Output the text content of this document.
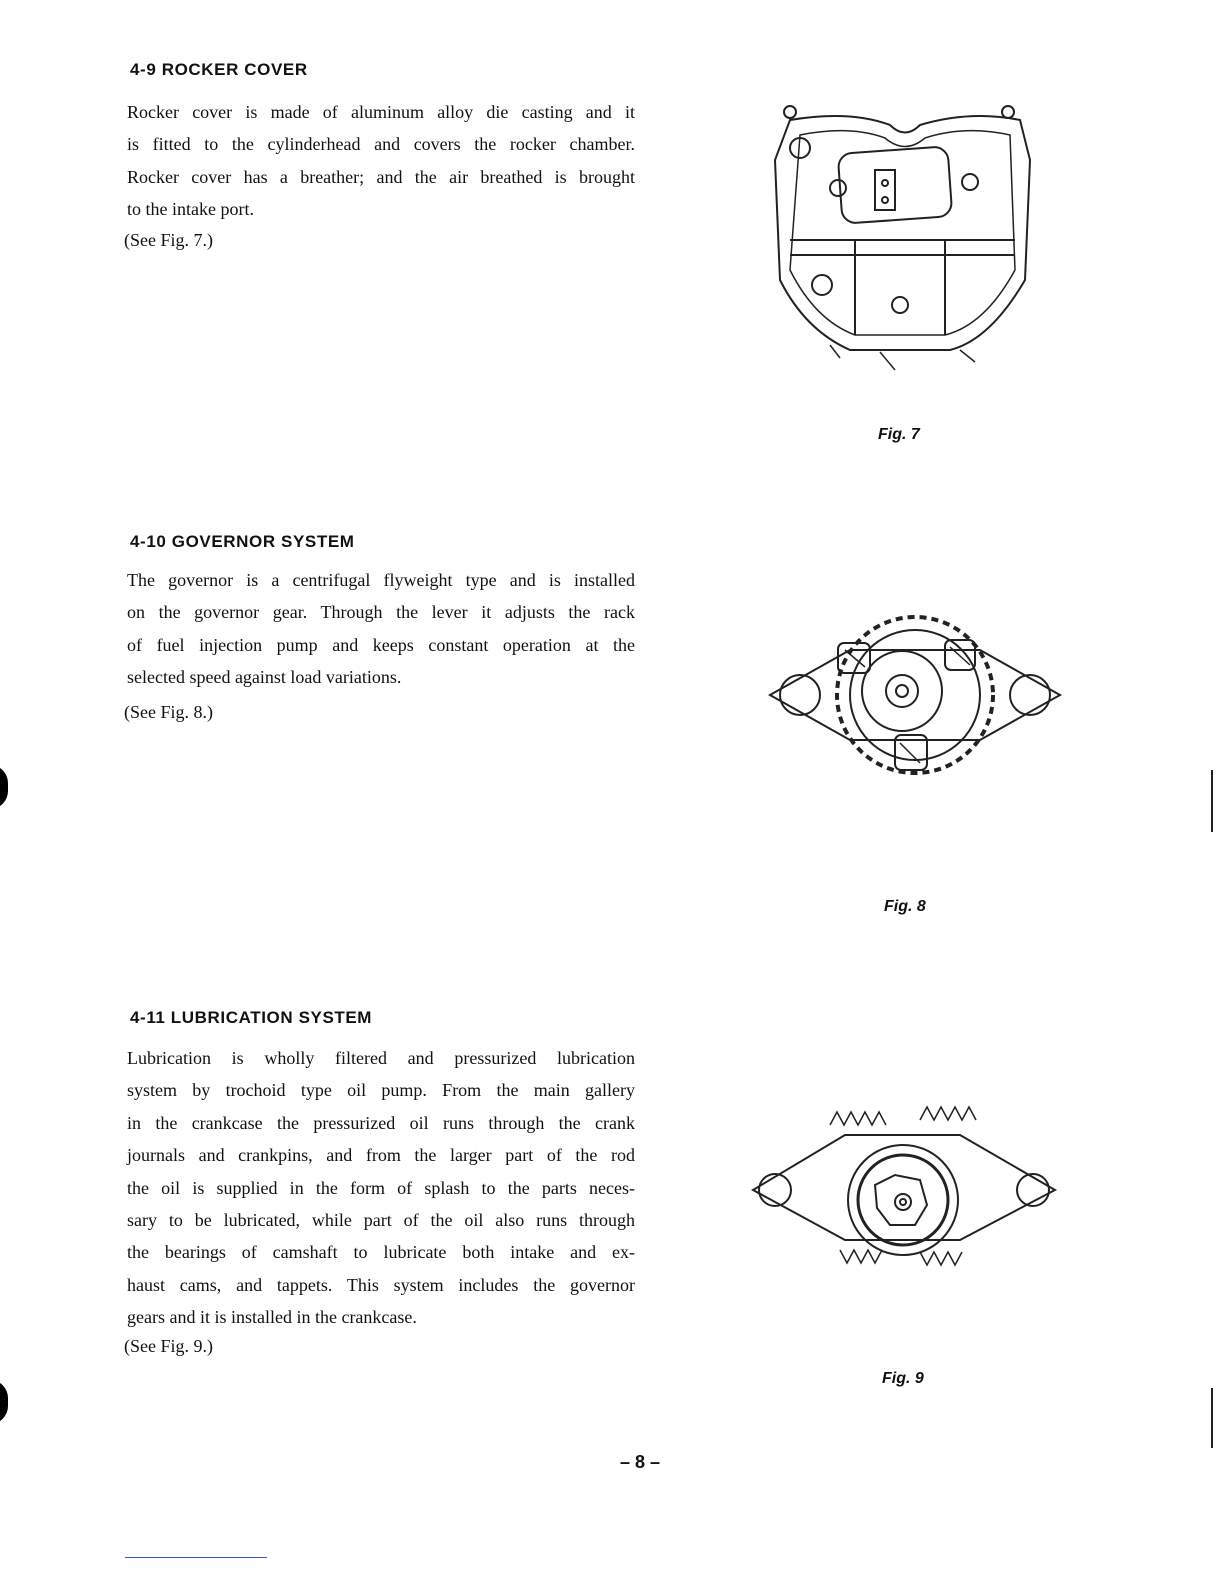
4-9 ROCKER COVER
Rocker cover is made of aluminum alloy die casting and it
is fitted to the cylinderhead and covers the rocker chamber.
Rocker cover has a breather; and the air breathed is brought
to the intake port.

(See Fig. 7.)

Fig. 7

4-10 GOVERNOR SYSTEM
The governor is a centrifugal flyweight type and is installed
on the governor gear. Through the lever it adjusts the rack
of fuel injection pump and keeps constant operation at the
selected speed against load variations.

(See Fig. 8.)

Fig. 8

4-11 LUBRICATION SYSTEM
Lubrication is wholly filtered and pressurized lubrication
system by trochoid type oil pump. From the main gallery
in the crankcase the pressurized oil runs through the crank
journals and crankpins, and from the larger part of the rod
the oil is supplied in the form of splash to the parts neces-
sary to be lubricated, while part of the oil also runs through
the bearings of camshaft to lubricate both intake and ex-
haust cams, and tappets. This system includes the governor
gears and it is installed in the crankcase.

(See Fig. 9.)

Fig. 9

– 8 –
